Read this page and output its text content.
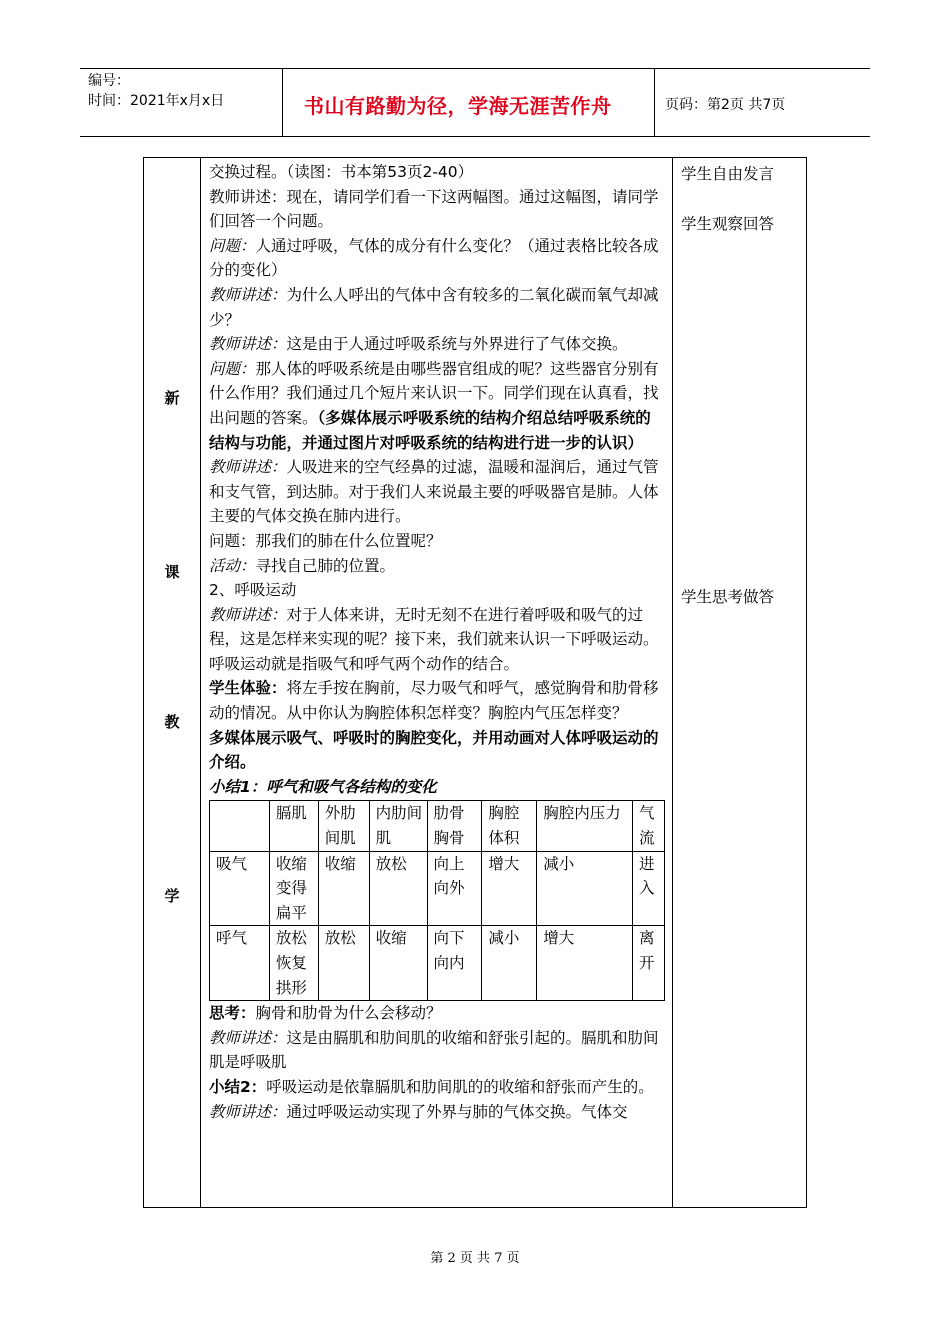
编号：
时间：2021年x月x日	书山有路勤为径，学海无涯苦作舟	页码：第2页 共7页
新
课
教
学

交换过程。（读图：书本第53页2-40）

教师讲述：现在，请同学们看一下这两幅图。通过这幅图，请同学们回答一个问题。

问题：人通过呼吸，气体的成分有什么变化？（通过表格比较各成分的变化）

教师讲述：为什么人呼出的气体中含有较多的二氧化碳而氧气却减少？

教师讲述：这是由于人通过呼吸系统与外界进行了气体交换。

问题：那人体的呼吸系统是由哪些器官组成的呢？这些器官分别有什么作用？我们通过几个短片来认识一下。同学们现在认真看，找出问题的答案。（多媒体展示呼吸系统的结构介绍总结呼吸系统的结构与功能，并通过图片对呼吸系统的结构进行进一步的认识）

教师讲述：人吸进来的空气经鼻的过滤，温暖和湿润后，通过气管和支气管，到达肺。对于我们人来说最主要的呼吸器官是肺。人体主要的气体交换在肺内进行。

问题：那我们的肺在什么位置呢？

活动：寻找自己肺的位置。

2、呼吸运动

教师讲述：对于人体来讲，无时无刻不在进行着呼吸和吸气的过程，这是怎样来实现的呢？接下来，我们就来认识一下呼吸运动。呼吸运动就是指吸气和呼气两个动作的结合。

学生体验：将左手按在胸前，尽力吸气和呼气，感觉胸骨和肋骨移动的情况。从中你认为胸腔体积怎样变？胸腔内气压怎样变？

多媒体展示吸气、呼吸时的胸腔变化，并用动画对人体呼吸运动的介绍。

小结1：呼气和吸气各结构的变化

	膈肌	外肋间肌	内肋间肌	肋骨胸骨	胸腔体积	胸腔内压力	气流
吸气	收缩变得扁平	收缩	放松	向上向外	增大	减小	进入
呼气	放松恢复拱形	放松	收缩	向下向内	减小	增大	离开

思考：胸骨和肋骨为什么会移动？

教师讲述：这是由膈肌和肋间肌的收缩和舒张引起的。膈肌和肋间肌是呼吸肌

小结2：呼吸运动是依靠膈肌和肋间肌的的收缩和舒张而产生的。

教师讲述：通过呼吸运动实现了外界与肺的气体交换。气体交

学生自由发言
学生观察回答
学生思考做答
第 2 页 共 7 页
